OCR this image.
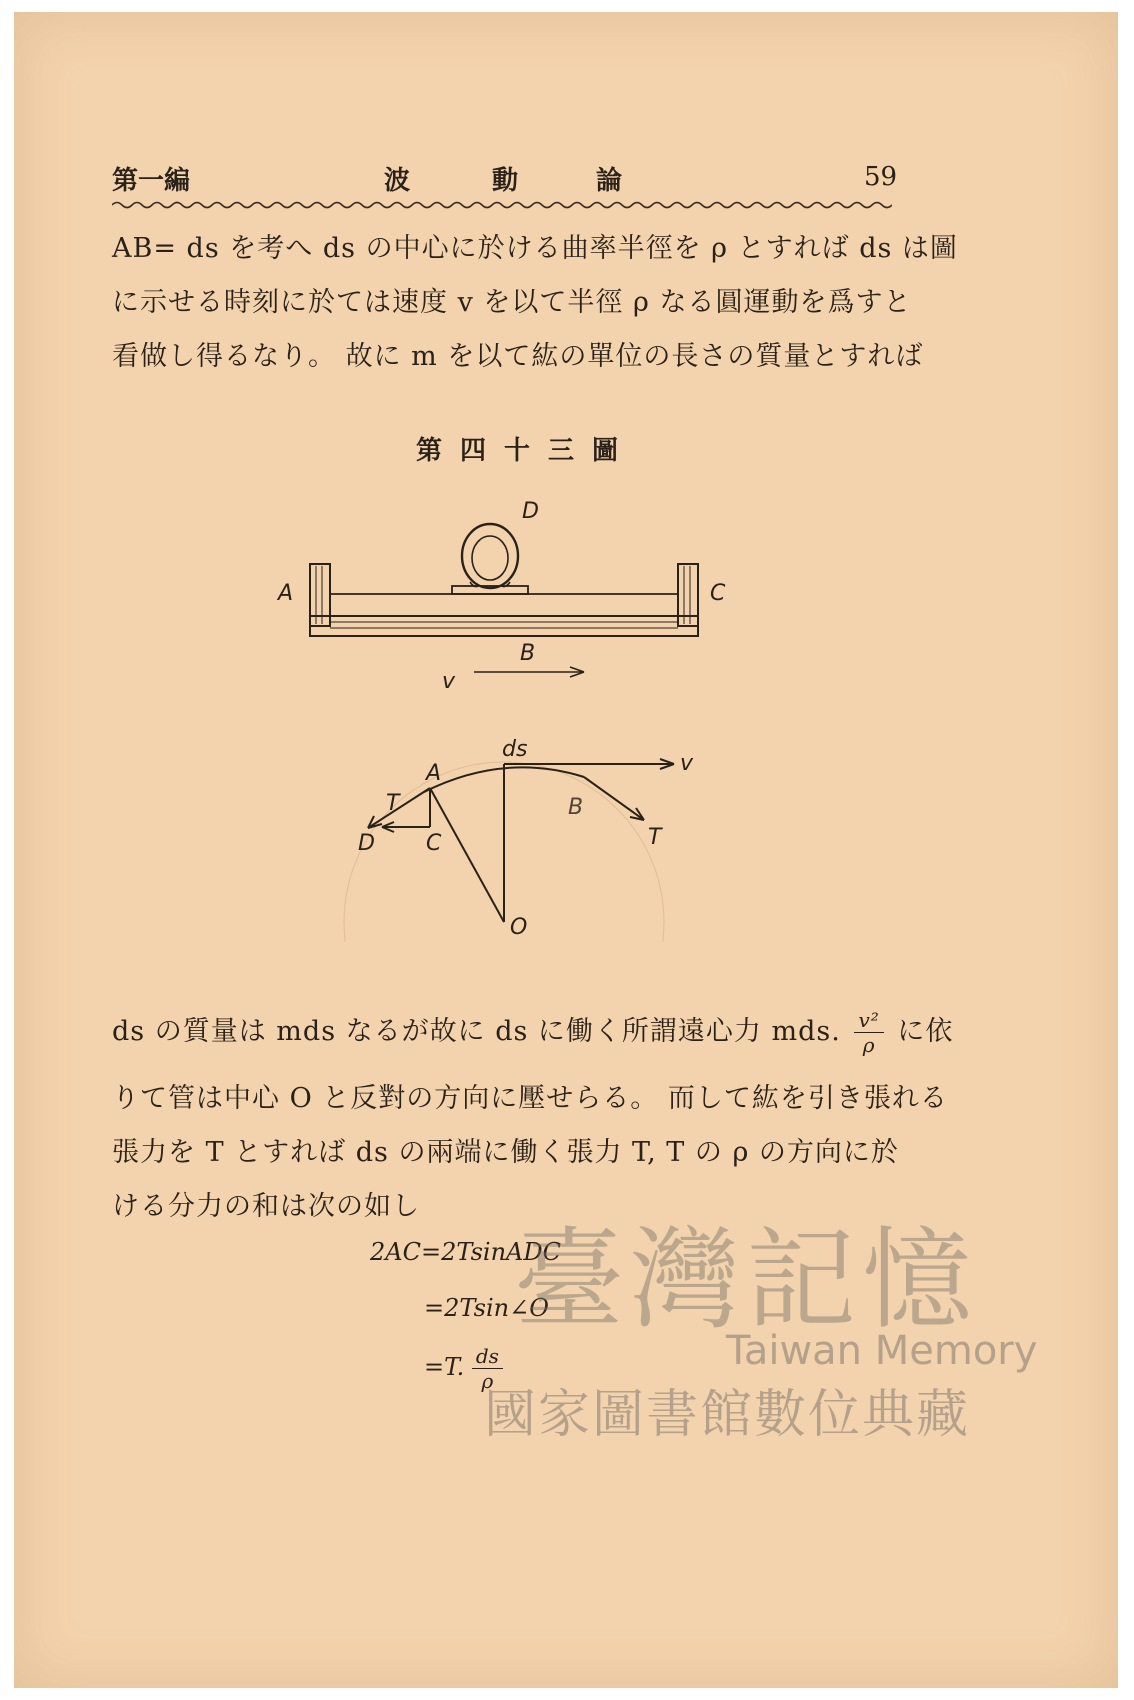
第一編	波	動	論	59
AB= ds を考へ ds の中心に於ける曲率半徑を ρ とすれば ds は圖
に示せる時刻に於ては速度 v を以て半徑 ρ なる圓運動を爲すと
看做し得るなり。 故に m を以て紘の單位の長さの質量とすれば
第四十三圖
D
A	C
B
v
ds
A
T
D C
B
T
O
v
ds の質量は mds なるが故に ds に働く所謂遠心力 mds. $\frac{\text{v²}}{\rho}$ に依
りて管は中心 O と反對の方向に壓せらる。 而して紘を引き張れる
張力を T とすれば ds の兩端に働く張力 T, T の ρ の方向に於
ける分力の和は次の如し
2AC=2TsinADC
=2Tsin∠O
=T. $\frac{ds}{\rho}$
臺灣記憶
Taiwan Memory
國家圖書館數位典藏
